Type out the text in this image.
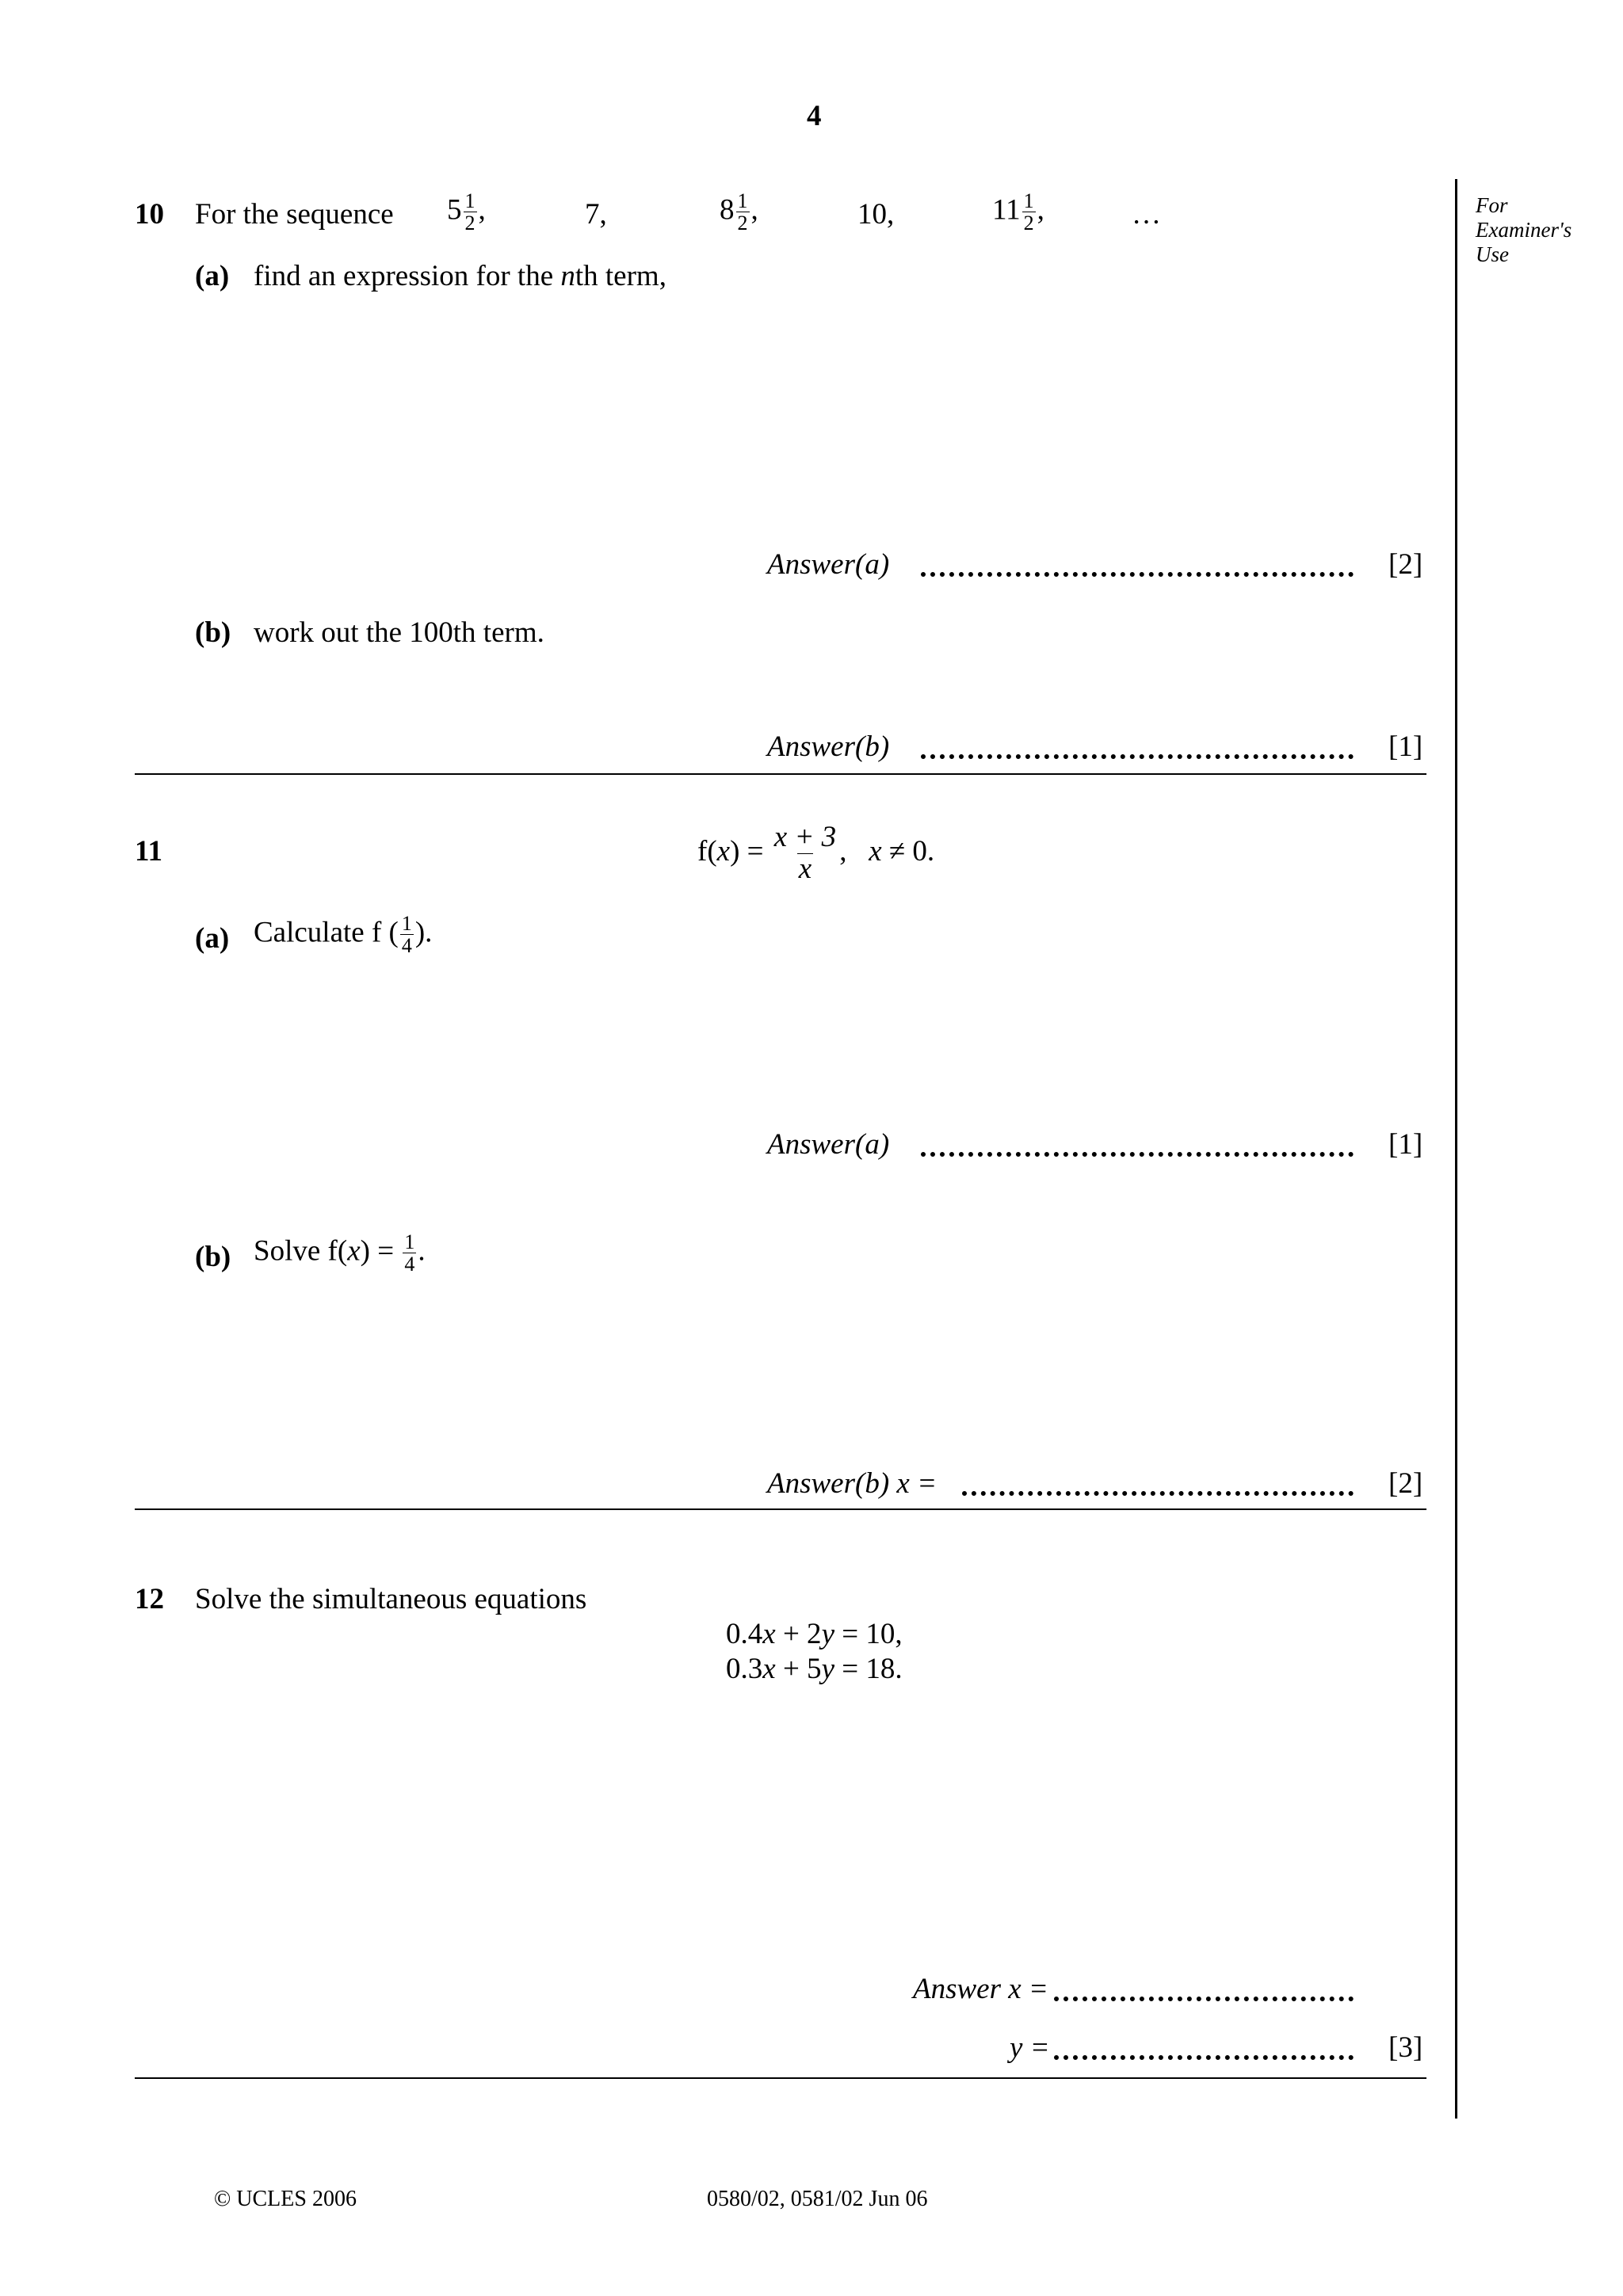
4
For
Examiner's
Use
10 For the sequence $5 \frac{1}{2}$ ,	7,	$8 \frac{1}{2}$ ,	10,	$11 \frac{1}{2}$ ,	…
(a) find an expression for the nth term,
Answer(a)	[2]
(b) work out the 100th term.
Answer(b)	[1]
11	$f(x) = \frac{x + 3}{x}$ , x ≠ 0.
(a) Calculate f ( $\frac{1}{4}$ ).
Answer(a)	[1]
(b) Solve $f(x) = \frac{1}{4}$ .
Answer(b) x =	[2]
12 Solve the simultaneous equations
0.4x + 2y = 10,
0.3x + 5y = 18.
Answer x =
y =	[3]
© UCLES 2006	0580/02, 0581/02 Jun 06
